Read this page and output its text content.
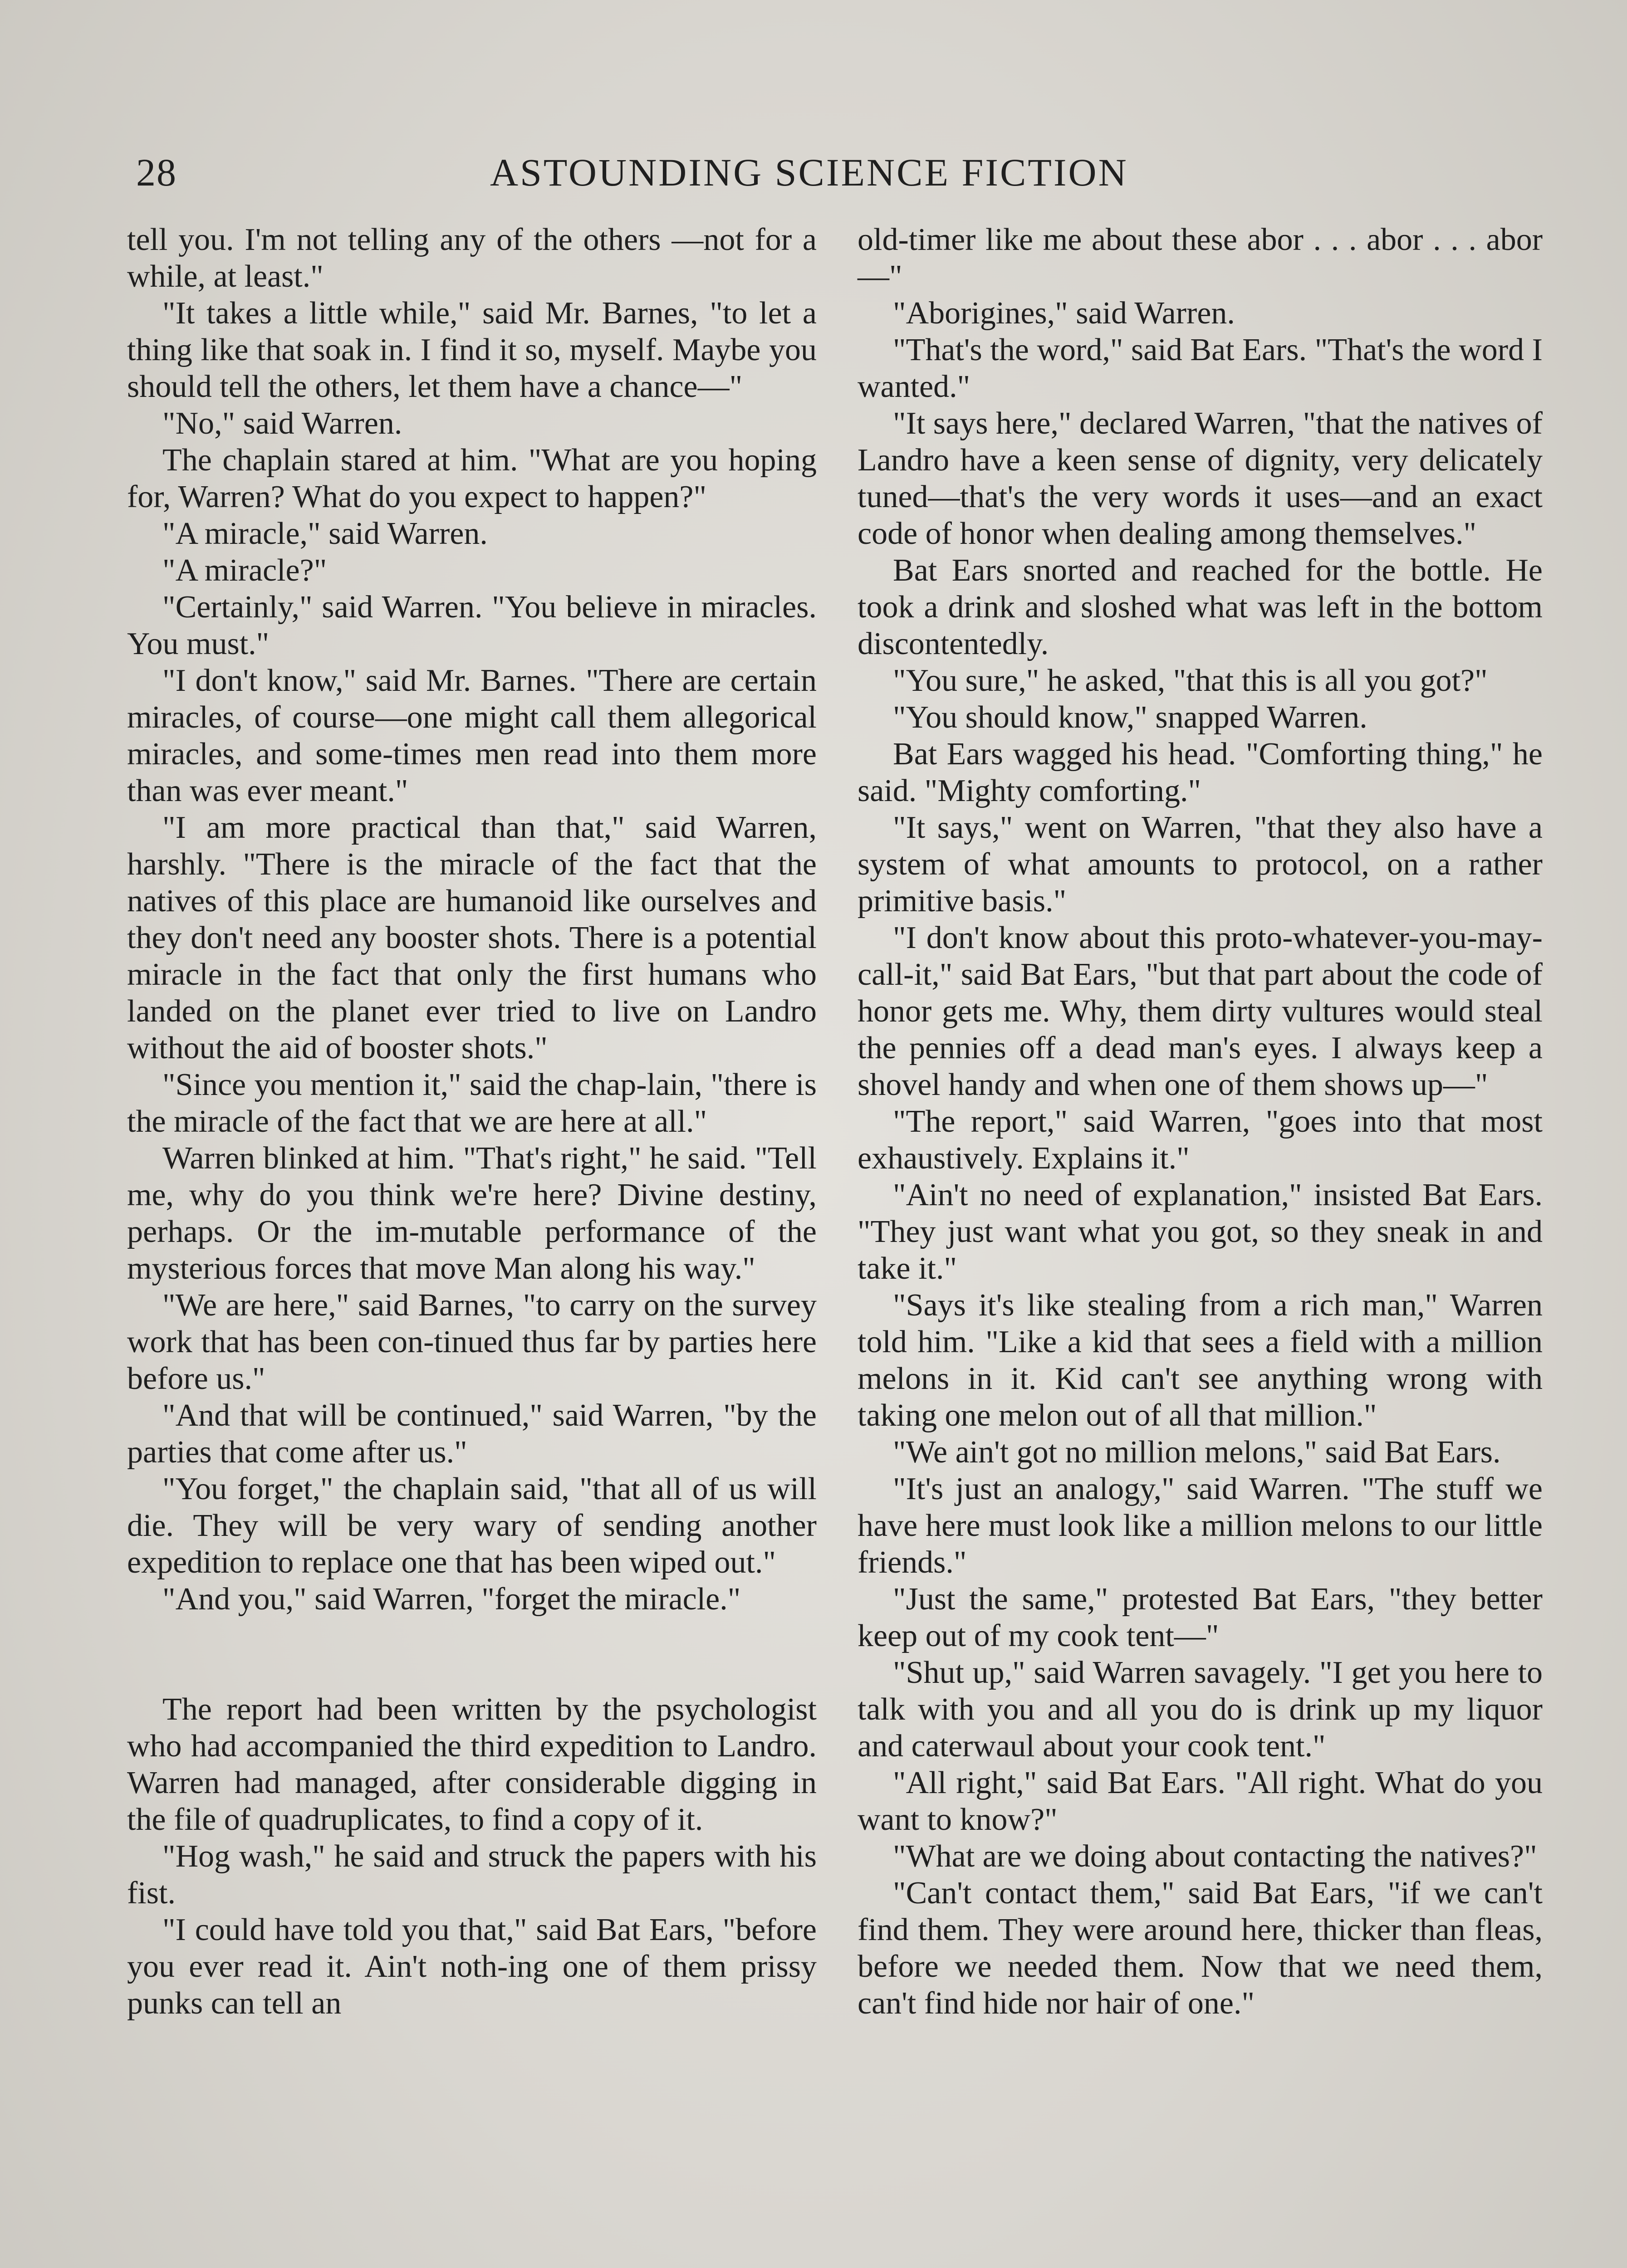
28	ASTOUNDING SCIENCE FICTION

tell you. I'm not telling any of the others —not for a while, at least."

"It takes a little while," said Mr. Barnes, "to let a thing like that soak in. I find it so, myself. Maybe you should tell the others, let them have a chance—"

"No," said Warren.

The chaplain stared at him. "What are you hoping for, Warren? What do you expect to happen?"

"A miracle," said Warren.

"A miracle?"

"Certainly," said Warren. "You believe in miracles. You must."

"I don't know," said Mr. Barnes. "There are certain miracles, of course—one might call them allegorical miracles, and some-times men read into them more than was ever meant."

"I am more practical than that," said Warren, harshly. "There is the miracle of the fact that the natives of this place are humanoid like ourselves and they don't need any booster shots. There is a potential miracle in the fact that only the first humans who landed on the planet ever tried to live on Landro without the aid of booster shots."

"Since you mention it," said the chap-lain, "there is the miracle of the fact that we are here at all."

Warren blinked at him. "That's right," he said. "Tell me, why do you think we're here? Divine destiny, perhaps. Or the im-mutable performance of the mysterious forces that move Man along his way."

"We are here," said Barnes, "to carry on the survey work that has been con-tinued thus far by parties here before us."

"And that will be continued," said Warren, "by the parties that come after us."

"You forget," the chaplain said, "that all of us will die. They will be very wary of sending another expedition to replace one that has been wiped out."

"And you," said Warren, "forget the miracle."

The report had been written by the psychologist who had accompanied the third expedition to Landro. Warren had managed, after considerable digging in the file of quadruplicates, to find a copy of it.

"Hog wash," he said and struck the papers with his fist.

"I could have told you that," said Bat Ears, "before you ever read it. Ain't noth-ing one of them prissy punks can tell an

old-timer like me about these abor . . . abor . . . abor—"

"Aborigines," said Warren.

"That's the word," said Bat Ears. "That's the word I wanted."

"It says here," declared Warren, "that the natives of Landro have a keen sense of dignity, very delicately tuned—that's the very words it uses—and an exact code of honor when dealing among themselves."

Bat Ears snorted and reached for the bottle. He took a drink and sloshed what was left in the bottom discontentedly.

"You sure," he asked, "that this is all you got?"

"You should know," snapped Warren.

Bat Ears wagged his head. "Comforting thing," he said. "Mighty comforting."

"It says," went on Warren, "that they also have a system of what amounts to protocol, on a rather primitive basis."

"I don't know about this proto-whatever-you-may-call-it," said Bat Ears, "but that part about the code of honor gets me. Why, them dirty vultures would steal the pennies off a dead man's eyes. I always keep a shovel handy and when one of them shows up—"

"The report," said Warren, "goes into that most exhaustively. Explains it."

"Ain't no need of explanation," insisted Bat Ears. "They just want what you got, so they sneak in and take it."

"Says it's like stealing from a rich man," Warren told him. "Like a kid that sees a field with a million melons in it. Kid can't see anything wrong with taking one melon out of all that million."

"We ain't got no million melons," said Bat Ears.

"It's just an analogy," said Warren. "The stuff we have here must look like a million melons to our little friends."

"Just the same," protested Bat Ears, "they better keep out of my cook tent—"

"Shut up," said Warren savagely. "I get you here to talk with you and all you do is drink up my liquor and caterwaul about your cook tent."

"All right," said Bat Ears. "All right. What do you want to know?"

"What are we doing about contacting the natives?"

"Can't contact them," said Bat Ears, "if we can't find them. They were around here, thicker than fleas, before we needed them. Now that we need them, can't find hide nor hair of one."
